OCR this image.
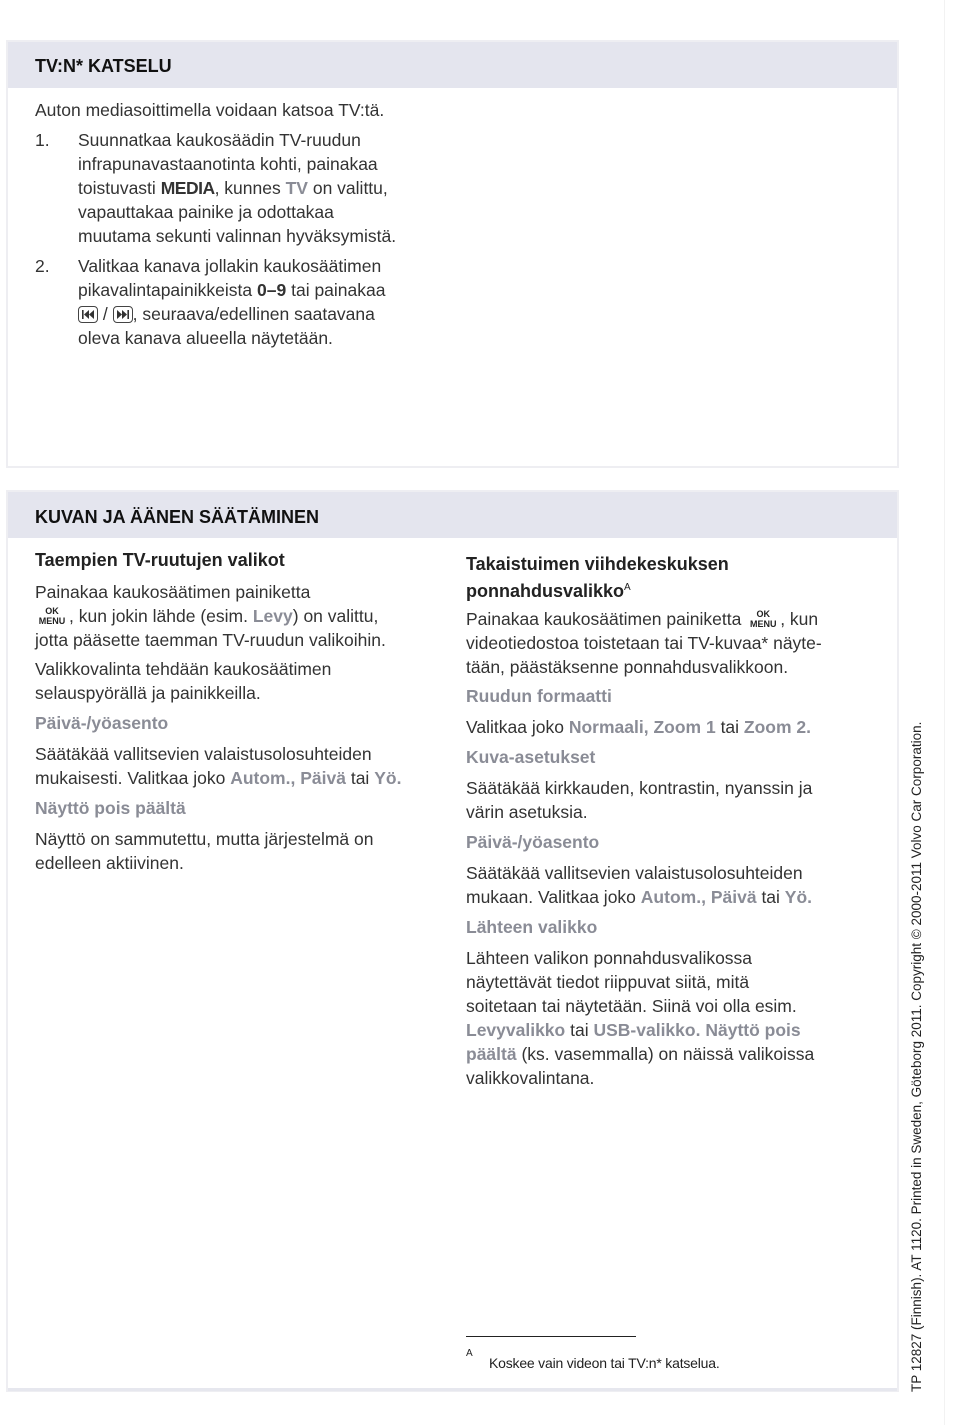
TV:N* KATSELU
Auton mediasoittimella voidaan katsoa TV:tä.
1. Suunnatkaa kaukosäädin TV-ruudun
infrapunavastaanotinta kohti, painakaa
toistuvasti MEDIA, kunnes TV on valittu,
vapauttakaa painike ja odottakaa
muutama sekunti valinnan hyväksymistä.
2. Valitkaa kanava jollakin kaukosäätimen
pikavalintapainikkeista 0–9 tai painakaa
/ , seuraava/edellinen saatavana
oleva kanava alueella näytetään.
KUVAN JA ÄÄNEN SÄÄTÄMINEN
Taempien TV-ruutujen valikot
Painakaa kaukosäätimen painiketta
OK
MENU , kun jokin lähde (esim. Levy) on valittu,
jotta pääsette taemman TV-ruudun valikoihin.
Valikkovalinta tehdään kaukosäätimen
selauspyörällä ja painikkeilla.
Päivä-/yöasento
Säätäkää vallitsevien valaistusolosuhteiden
mukaisesti. Valitkaa joko Autom., Päivä tai Yö.
Näyttö pois päältä
Näyttö on sammutettu, mutta järjestelmä on
edelleen aktiivinen.
Takaistuimen viihdekeskuksen
ponnahdusvalikko$^A$
Painakaa kaukosäätimen painiketta	OK
MENU , kun
videotiedostoa toistetaan tai TV-kuvaa* näyte-
tään, päästäksenne ponnahdusvalikkoon.
Ruudun formaatti
Valitkaa joko Normaali, Zoom 1 tai Zoom 2.
Kuva-asetukset
Säätäkää kirkkauden, kontrastin, nyanssin ja
värin asetuksia.
Päivä-/yöasento
Säätäkää vallitsevien valaistusolosuhteiden
mukaan. Valitkaa joko Autom., Päivä tai Yö.
Lähteen valikko
Lähteen valikon ponnahdusvalikossa
näytettävät tiedot riippuvat siitä, mitä
soitetaan tai näytetään. Siinä voi olla esim.
Levyvalikko tai USB-valikko. Näyttö pois
päältä (ks. vasemmalla) on näissä valikoissa
valikkovalintana.
A
Koskee vain videon tai TV:n* katselua.	TP 12827 (Finnish). AT 1120. Printed in Sweden, Göteborg 2011. Copyright © 2000-2011 Volvo Car Corporation.
